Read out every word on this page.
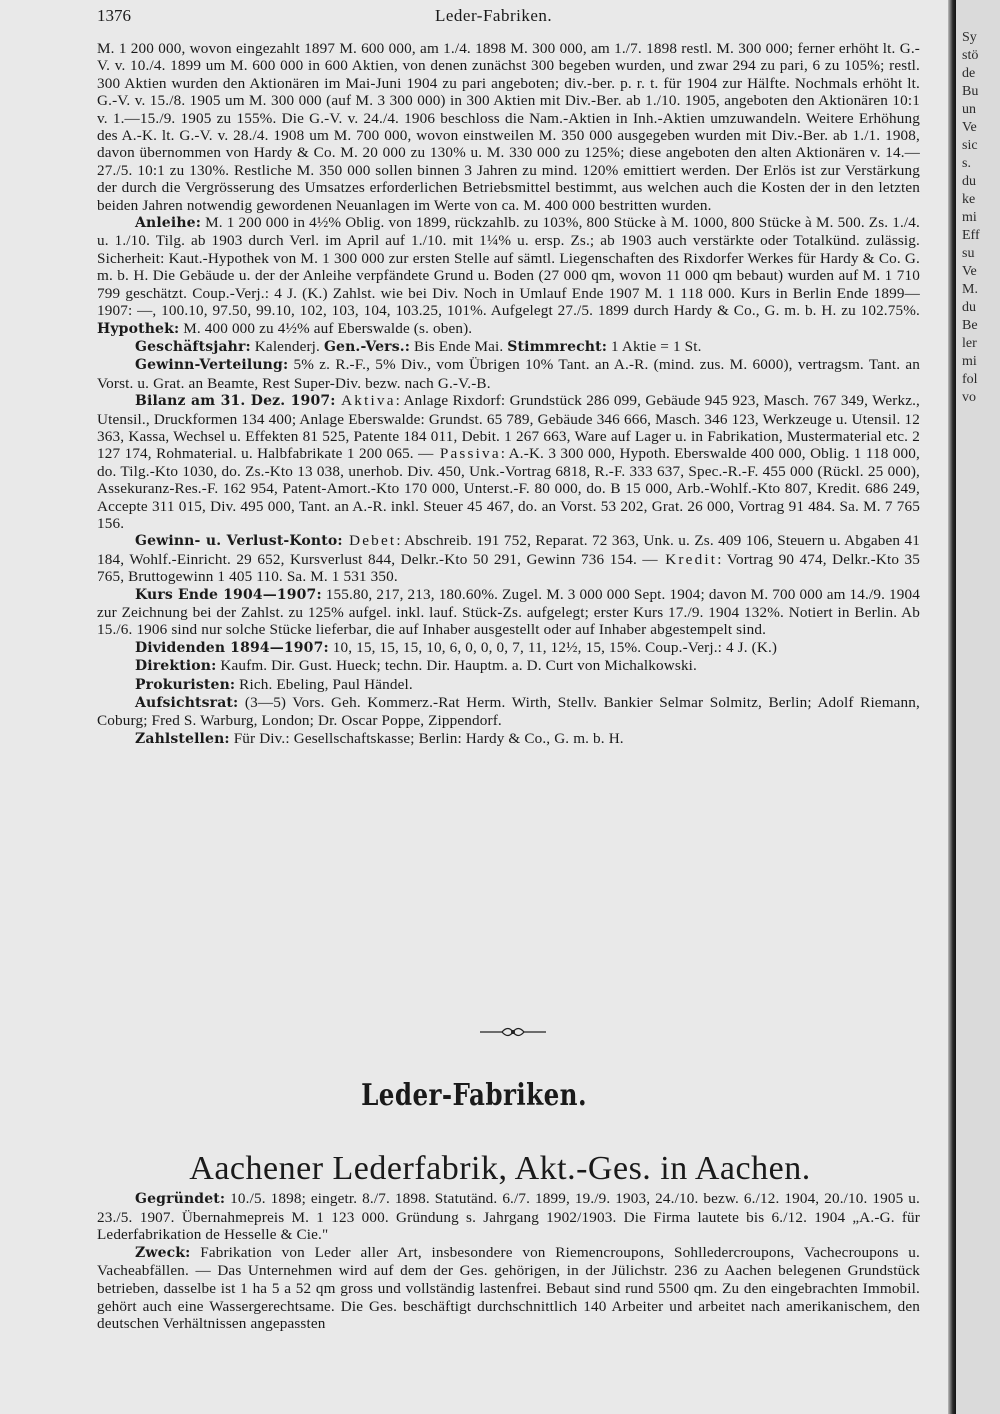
1376	Leder-Fabriken.

M. 1 200 000, wovon eingezahlt 1897 M. 600 000, am 1./4. 1898 M. 300 000, am 1./7. 1898 restl. M. 300 000; ferner erhöht lt. G.-V. v. 10./4. 1899 um M. 600 000 in 600 Aktien, von denen zunächst 300 begeben wurden, und zwar 294 zu pari, 6 zu 105%; restl. 300 Aktien wurden den Aktionären im Mai-Juni 1904 zu pari angeboten; div.-ber. p. r. t. für 1904 zur Hälfte. Nochmals erhöht lt. G.-V. v. 15./8. 1905 um M. 300 000 (auf M. 3 300 000) in 300 Aktien mit Div.-Ber. ab 1./10. 1905, angeboten den Aktionären 10:1 v. 1.—15./9. 1905 zu 155%. Die G.-V. v. 24./4. 1906 beschloss die Nam.-Aktien in Inh.-Aktien umzuwandeln. Weitere Erhöhung des A.-K. lt. G.-V. v. 28./4. 1908 um M. 700 000, wovon einstweilen M. 350 000 ausgegeben wurden mit Div.-Ber. ab 1./1. 1908, davon übernommen von Hardy & Co. M. 20 000 zu 130% u. M. 330 000 zu 125%; diese angeboten den alten Aktionären v. 14.—27./5. 10:1 zu 130%. Restliche M. 350 000 sollen binnen 3 Jahren zu mind. 120% emittiert werden. Der Erlös ist zur Verstärkung der durch die Vergrösserung des Umsatzes erforderlichen Betriebsmittel bestimmt, aus welchen auch die Kosten der in den letzten beiden Jahren notwendig gewordenen Neuanlagen im Werte von ca. M. 400 000 bestritten wurden.

Anleihe: M. 1 200 000 in 4½% Oblig. von 1899, rückzahlb. zu 103%, 800 Stücke à M. 1000, 800 Stücke à M. 500. Zs. 1./4. u. 1./10. Tilg. ab 1903 durch Verl. im April auf 1./10. mit 1¼% u. ersp. Zs.; ab 1903 auch verstärkte oder Totalkünd. zulässig. Sicherheit: Kaut.-Hypothek von M. 1 300 000 zur ersten Stelle auf sämtl. Liegenschaften des Rixdorfer Werkes für Hardy & Co. G. m. b. H. Die Gebäude u. der der Anleihe verpfändete Grund u. Boden (27 000 qm, wovon 11 000 qm bebaut) wurden auf M. 1 710 799 geschätzt. Coup.-Verj.: 4 J. (K.) Zahlst. wie bei Div. Noch in Umlauf Ende 1907 M. 1 118 000. Kurs in Berlin Ende 1899—1907: —, 100.10, 97.50, 99.10, 102, 103, 104, 103.25, 101%. Aufgelegt 27./5. 1899 durch Hardy & Co., G. m. b. H. zu 102.75%. Hypothek: M. 400 000 zu 4½% auf Eberswalde (s. oben).

Geschäftsjahr: Kalenderj. Gen.-Vers.: Bis Ende Mai. Stimmrecht: 1 Aktie = 1 St.

Gewinn-Verteilung: 5% z. R.-F., 5% Div., vom Übrigen 10% Tant. an A.-R. (mind. zus. M. 6000), vertragsm. Tant. an Vorst. u. Grat. an Beamte, Rest Super-Div. bezw. nach G.-V.-B.

Bilanz am 31. Dez. 1907: Aktiva: Anlage Rixdorf: Grundstück 286 099, Gebäude 945 923, Masch. 767 349, Werkz., Utensil., Druckformen 134 400; Anlage Eberswalde: Grundst. 65 789, Gebäude 346 666, Masch. 346 123, Werkzeuge u. Utensil. 12 363, Kassa, Wechsel u. Effekten 81 525, Patente 184 011, Debit. 1 267 663, Ware auf Lager u. in Fabrikation, Mustermaterial etc. 2 127 174, Rohmaterial. u. Halbfabrikate 1 200 065. — Passiva: A.-K. 3 300 000, Hypoth. Eberswalde 400 000, Oblig. 1 118 000, do. Tilg.-Kto 1030, do. Zs.-Kto 13 038, unerhob. Div. 450, Unk.-Vortrag 6818, R.-F. 333 637, Spec.-R.-F. 455 000 (Rückl. 25 000), Assekuranz-Res.-F. 162 954, Patent-Amort.-Kto 170 000, Unterst.-F. 80 000, do. B 15 000, Arb.-Wohlf.-Kto 807, Kredit. 686 249, Accepte 311 015, Div. 495 000, Tant. an A.-R. inkl. Steuer 45 467, do. an Vorst. 53 202, Grat. 26 000, Vortrag 91 484. Sa. M. 7 765 156.

Gewinn- u. Verlust-Konto: Debet: Abschreib. 191 752, Reparat. 72 363, Unk. u. Zs. 409 106, Steuern u. Abgaben 41 184, Wohlf.-Einricht. 29 652, Kursverlust 844, Delkr.-Kto 50 291, Gewinn 736 154. — Kredit: Vortrag 90 474, Delkr.-Kto 35 765, Bruttogewinn 1 405 110. Sa. M. 1 531 350.

Kurs Ende 1904—1907: 155.80, 217, 213, 180.60%. Zugel. M. 3 000 000 Sept. 1904; davon M. 700 000 am 14./9. 1904 zur Zeichnung bei der Zahlst. zu 125% aufgel. inkl. lauf. Stück-Zs. aufgelegt; erster Kurs 17./9. 1904 132%. Notiert in Berlin. Ab 15./6. 1906 sind nur solche Stücke lieferbar, die auf Inhaber ausgestellt oder auf Inhaber abgestempelt sind.

Dividenden 1894—1907: 10, 15, 15, 15, 10, 6, 0, 0, 0, 7, 11, 12½, 15, 15%. Coup.-Verj.: 4 J. (K.)

Direktion: Kaufm. Dir. Gust. Hueck; techn. Dir. Hauptm. a. D. Curt von Michalkowski.

Prokuristen: Rich. Ebeling, Paul Händel.

Aufsichtsrat: (3—5) Vors. Geh. Kommerz.-Rat Herm. Wirth, Stellv. Bankier Selmar Solmitz, Berlin; Adolf Riemann, Coburg; Fred S. Warburg, London; Dr. Oscar Poppe, Zippendorf.

Zahlstellen: Für Div.: Gesellschaftskasse; Berlin: Hardy & Co., G. m. b. H.

Leder-Fabriken.
Aachener Lederfabrik, Akt.-Ges. in Aachen.

Gegründet: 10./5. 1898; eingetr. 8./7. 1898. Statutänd. 6./7. 1899, 19./9. 1903, 24./10. bezw. 6./12. 1904, 20./10. 1905 u. 23./5. 1907. Übernahmepreis M. 1 123 000. Gründung s. Jahrgang 1902/1903. Die Firma lautete bis 6./12. 1904 „A.-G. für Lederfabrikation de Hesselle & Cie."

Zweck: Fabrikation von Leder aller Art, insbesondere von Riemencroupons, Sohlledercroupons, Vachecroupons u. Vacheabfällen. — Das Unternehmen wird auf dem der Ges. gehörigen, in der Jülichstr. 236 zu Aachen belegenen Grundstück betrieben, dasselbe ist 1 ha 5 a 52 qm gross und vollständig lastenfrei. Bebaut sind rund 5500 qm. Zu den eingebrachten Immobil. gehört auch eine Wassergerechtsame. Die Ges. beschäftigt durchschnittlich 140 Arbeiter und arbeitet nach amerikanischem, den deutschen Verhältnissen angepassten

Sy
stö
de
Bu
un
Ve
sic
s.
du
ke
mi
Eff
su
Ve
M.
du
Be
ler
mi
fol
vo
